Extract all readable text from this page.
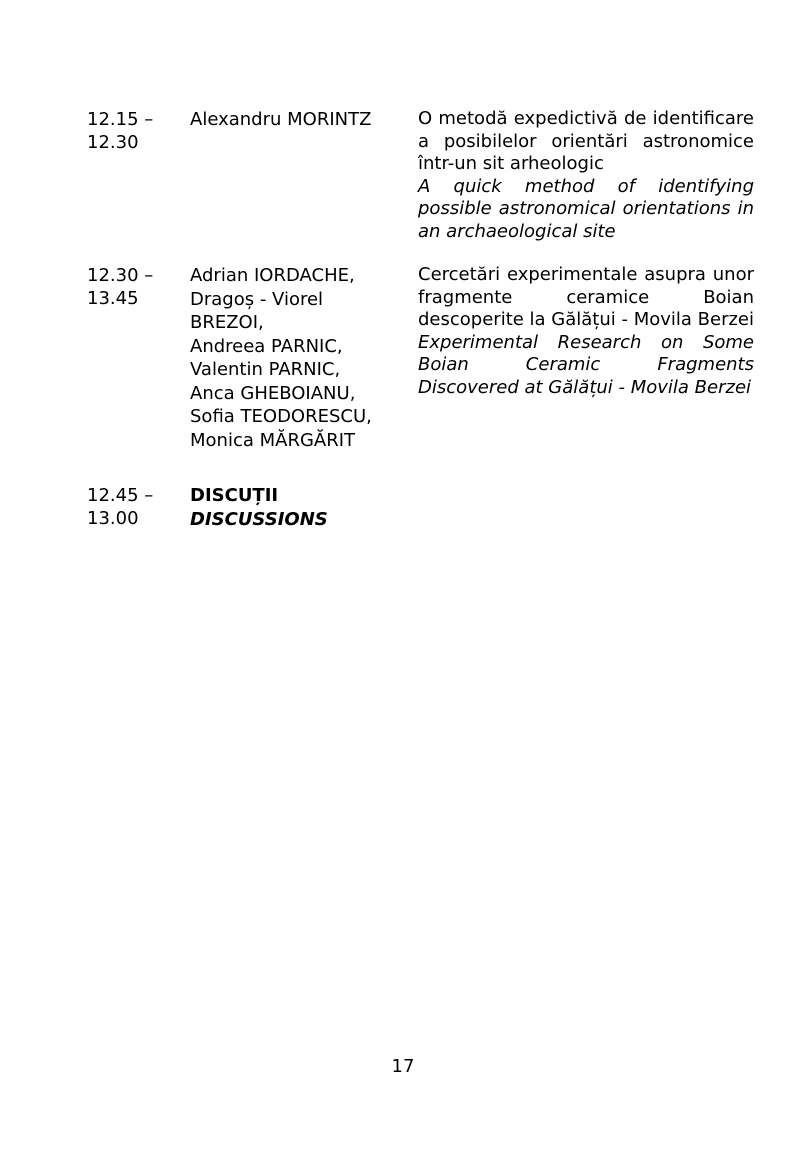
12.15 –
12.30
Alexandru MORINTZ	O metodă expedictivă de identificare a posibilelor orientări astronomice într-un sit arheologic
A quick method of identifying possible astronomical orientations in an archaeological site
12.30 –
13.45
Adrian IORDACHE,
Dragoș - Viorel
BREZOI,
Andreea PARNIC,
Valentin PARNIC,
Anca GHEBOIANU,
Sofia TEODORESCU,
Monica MĂRGĂRIT
Cercetări experimentale asupra unor fragmente ceramice Boian descoperite la Gălățui - Movila Berzei
Experimental Research on Some Boian Ceramic Fragments Discovered at Gălățui - Movila Berzei
12.45 –
13.00
DISCUȚII
DISCUSSIONS
17
